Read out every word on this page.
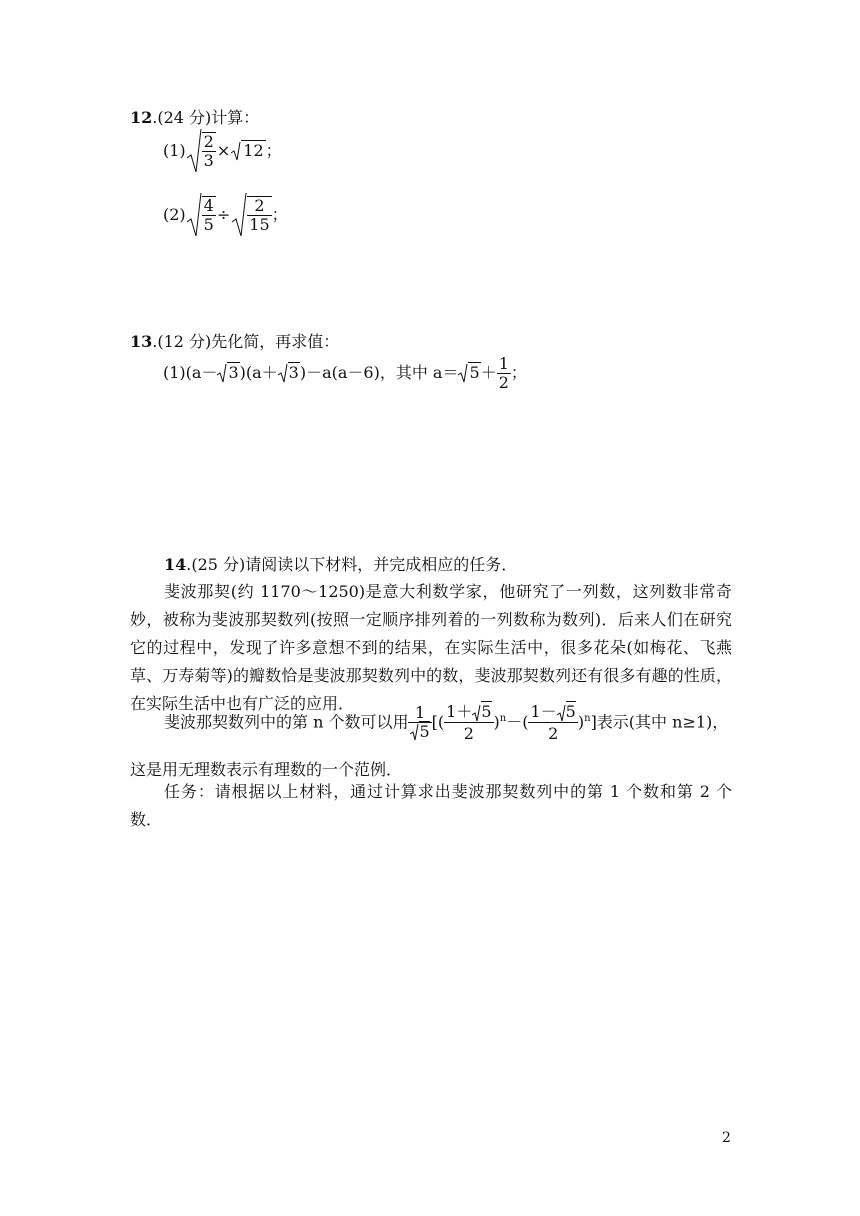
12.(24 分)计算：
$(1) \frac{2}{3} \times 12$ ；
$(2) \frac{4}{5} \div \frac{2}{15}$ ；
13.(12 分)先化简，再求值：
(1)(a－ 3)(a＋ 3)－a(a－6)，其中 $a= 5+ \frac{1}{2}$ ；
14.(25 分)请阅读以下材料，并完成相应的任务．
斐波那契(约 1170～1250)是意大利数学家，他研究了一列数，这列数非常奇妙，被称为斐波那契数列(按照一定顺序排列着的一列数称为数列)．后来人们在研究它的过程中，发现了许多意想不到的结果，在实际生活中，很多花朵(如梅花、飞燕草、万寿菊等)的瓣数恰是斐波那契数列中的数，斐波那契数列还有很多有趣的性质，在实际生活中也有广泛的应用．
斐波那契数列中的第 n 个数可以用 $\frac{1}{5}$ [( $\frac{1+ 5}{2} )^n-( \frac{1- 5}{2} )^n$]表示(其中 n≥1)，
这是用无理数表示有理数的一个范例．
任务：请根据以上材料，通过计算求出斐波那契数列中的第 1 个数和第 2 个数．
2
